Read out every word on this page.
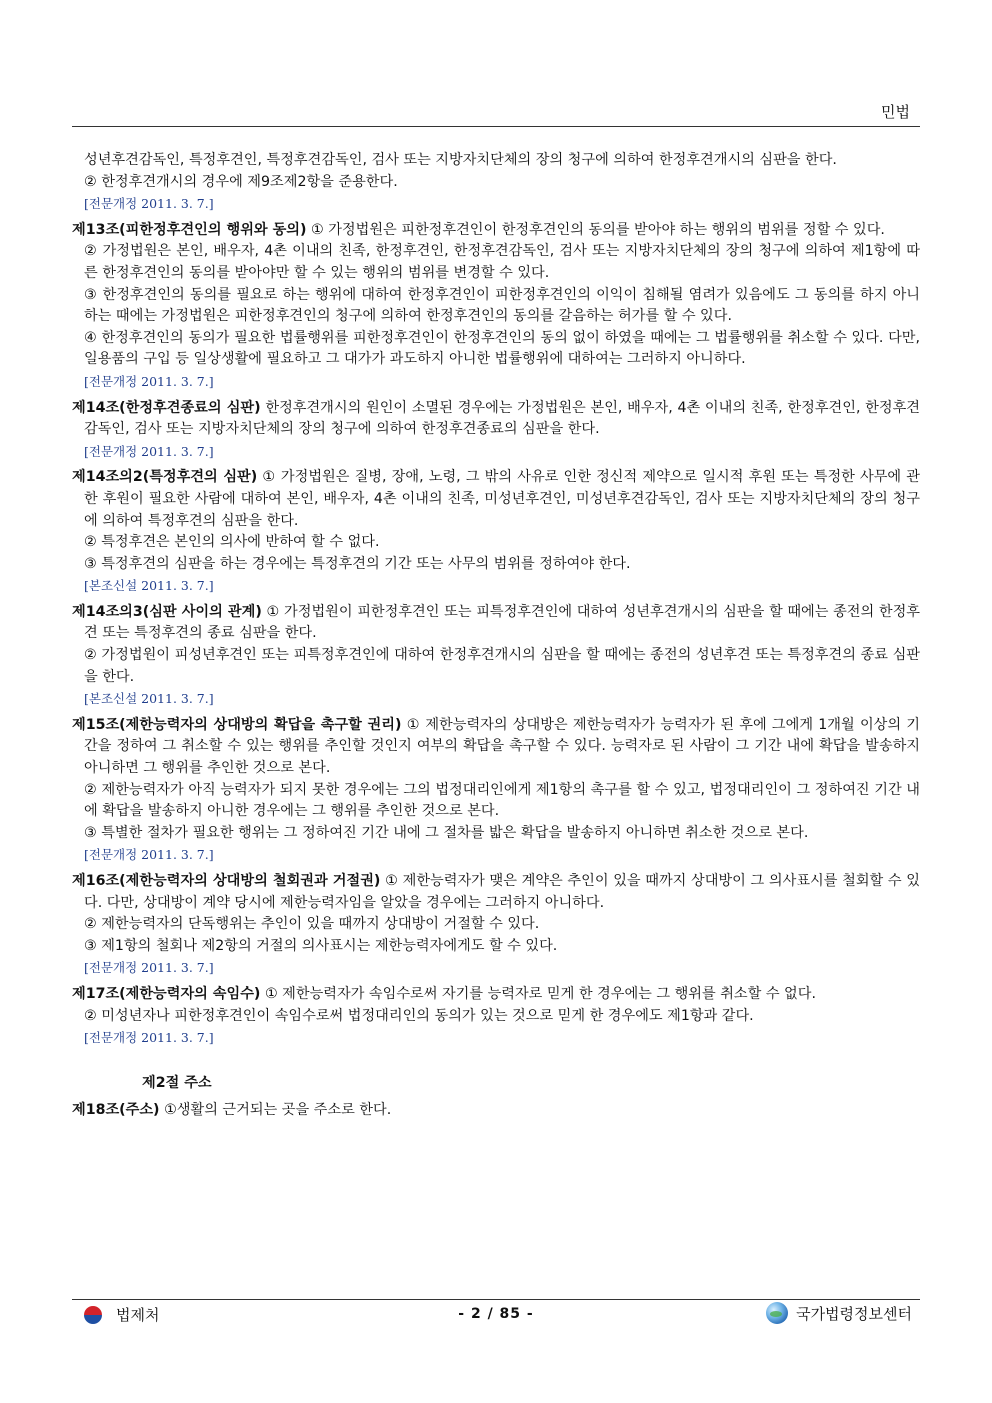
민법

성년후견감독인, 특정후견인, 특정후견감독인, 검사 또는 지방자치단체의 장의 청구에 의하여 한정후견개시의 심판을 한다.

② 한정후견개시의 경우에 제9조제2항을 준용한다.

[전문개정 2011. 3. 7.]

제13조(피한정후견인의 행위와 동의) ① 가정법원은 피한정후견인이 한정후견인의 동의를 받아야 하는 행위의 범위를 정할 수 있다.

② 가정법원은 본인, 배우자, 4촌 이내의 친족, 한정후견인, 한정후견감독인, 검사 또는 지방자치단체의 장의 청구에 의하여 제1항에 따른 한정후견인의 동의를 받아야만 할 수 있는 행위의 범위를 변경할 수 있다.

③ 한정후견인의 동의를 필요로 하는 행위에 대하여 한정후견인이 피한정후견인의 이익이 침해될 염려가 있음에도 그 동의를 하지 아니하는 때에는 가정법원은 피한정후견인의 청구에 의하여 한정후견인의 동의를 갈음하는 허가를 할 수 있다.

④ 한정후견인의 동의가 필요한 법률행위를 피한정후견인이 한정후견인의 동의 없이 하였을 때에는 그 법률행위를 취소할 수 있다. 다만, 일용품의 구입 등 일상생활에 필요하고 그 대가가 과도하지 아니한 법률행위에 대하여는 그러하지 아니하다.

[전문개정 2011. 3. 7.]

제14조(한정후견종료의 심판) 한정후견개시의 원인이 소멸된 경우에는 가정법원은 본인, 배우자, 4촌 이내의 친족, 한정후견인, 한정후견감독인, 검사 또는 지방자치단체의 장의 청구에 의하여 한정후견종료의 심판을 한다.

[전문개정 2011. 3. 7.]

제14조의2(특정후견의 심판) ① 가정법원은 질병, 장애, 노령, 그 밖의 사유로 인한 정신적 제약으로 일시적 후원 또는 특정한 사무에 관한 후원이 필요한 사람에 대하여 본인, 배우자, 4촌 이내의 친족, 미성년후견인, 미성년후견감독인, 검사 또는 지방자치단체의 장의 청구에 의하여 특정후견의 심판을 한다.

② 특정후견은 본인의 의사에 반하여 할 수 없다.

③ 특정후견의 심판을 하는 경우에는 특정후견의 기간 또는 사무의 범위를 정하여야 한다.

[본조신설 2011. 3. 7.]

제14조의3(심판 사이의 관계) ① 가정법원이 피한정후견인 또는 피특정후견인에 대하여 성년후견개시의 심판을 할 때에는 종전의 한정후견 또는 특정후견의 종료 심판을 한다.

② 가정법원이 피성년후견인 또는 피특정후견인에 대하여 한정후견개시의 심판을 할 때에는 종전의 성년후견 또는 특정후견의 종료 심판을 한다.

[본조신설 2011. 3. 7.]

제15조(제한능력자의 상대방의 확답을 촉구할 권리) ① 제한능력자의 상대방은 제한능력자가 능력자가 된 후에 그에게 1개월 이상의 기간을 정하여 그 취소할 수 있는 행위를 추인할 것인지 여부의 확답을 촉구할 수 있다. 능력자로 된 사람이 그 기간 내에 확답을 발송하지 아니하면 그 행위를 추인한 것으로 본다.

② 제한능력자가 아직 능력자가 되지 못한 경우에는 그의 법정대리인에게 제1항의 촉구를 할 수 있고, 법정대리인이 그 정하여진 기간 내에 확답을 발송하지 아니한 경우에는 그 행위를 추인한 것으로 본다.

③ 특별한 절차가 필요한 행위는 그 정하여진 기간 내에 그 절차를 밟은 확답을 발송하지 아니하면 취소한 것으로 본다.

[전문개정 2011. 3. 7.]

제16조(제한능력자의 상대방의 철회권과 거절권) ① 제한능력자가 맺은 계약은 추인이 있을 때까지 상대방이 그 의사표시를 철회할 수 있다. 다만, 상대방이 계약 당시에 제한능력자임을 알았을 경우에는 그러하지 아니하다.

② 제한능력자의 단독행위는 추인이 있을 때까지 상대방이 거절할 수 있다.

③ 제1항의 철회나 제2항의 거절의 의사표시는 제한능력자에게도 할 수 있다.

[전문개정 2011. 3. 7.]

제17조(제한능력자의 속임수) ① 제한능력자가 속임수로써 자기를 능력자로 믿게 한 경우에는 그 행위를 취소할 수 없다.

② 미성년자나 피한정후견인이 속임수로써 법정대리인의 동의가 있는 것으로 믿게 한 경우에도 제1항과 같다.

[전문개정 2011. 3. 7.]

제2절 주소

제18조(주소) ①생활의 근거되는 곳을 주소로 한다.

법제처	- 2 / 85 -	국가법령정보센터
